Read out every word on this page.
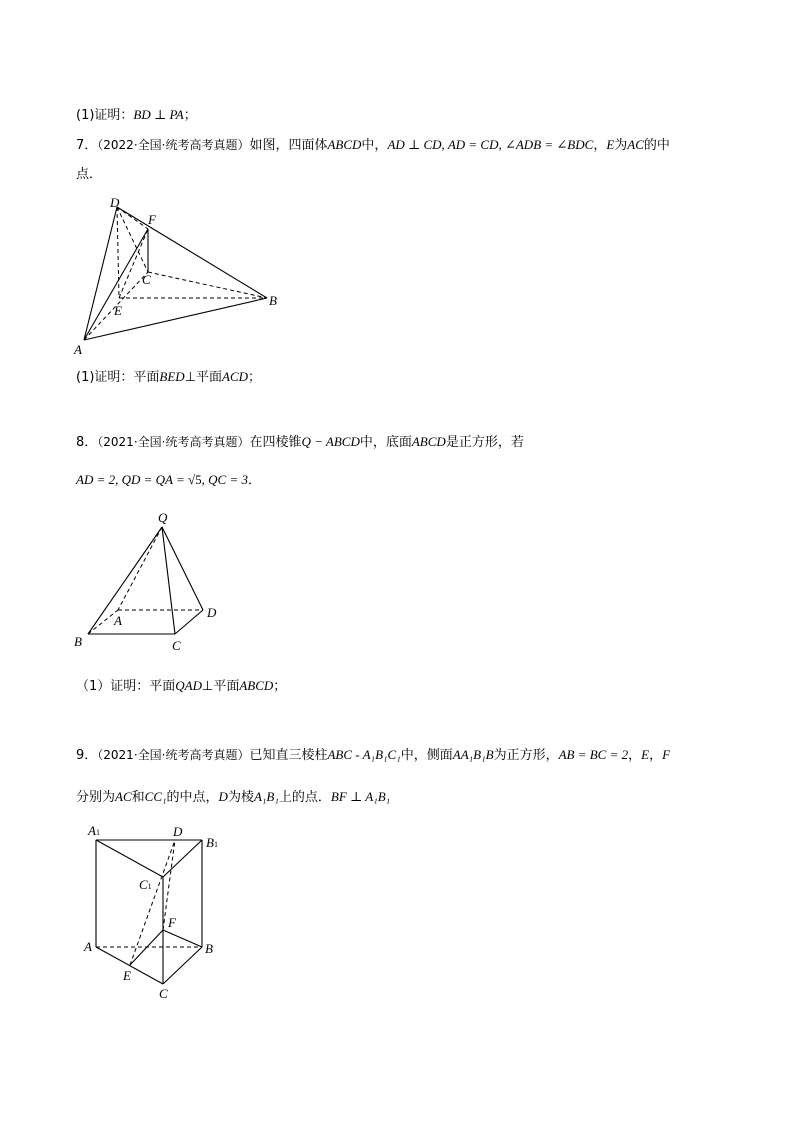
(1)证明：BD ⊥ PA；
7．（2022·全国·统考高考真题）如图，四面体ABCD中，AD ⊥ CD, AD = CD, ∠ADB = ∠BDC，E为AC的中
点．
D
F
C
B
E
A
(1)证明：平面BED⊥平面ACD；
8．（2021·全国·统考高考真题）在四棱锥Q − ABCD中，底面ABCD是正方形，若
AD = 2, QD = QA = √5, QC = 3．
Q
A
D
B	C
（1）证明：平面QAD⊥平面ABCD；
9．（2021·全国·统考高考真题）已知直三棱柱ABC - A₁B₁C₁中，侧面AA₁B₁B为正方形，AB = BC = 2，E，F
分别为AC和CC₁的中点，D为棱A₁B₁上的点．BF ⊥ A₁B₁
A1	D
B1
C1
F
A	B
E
C
